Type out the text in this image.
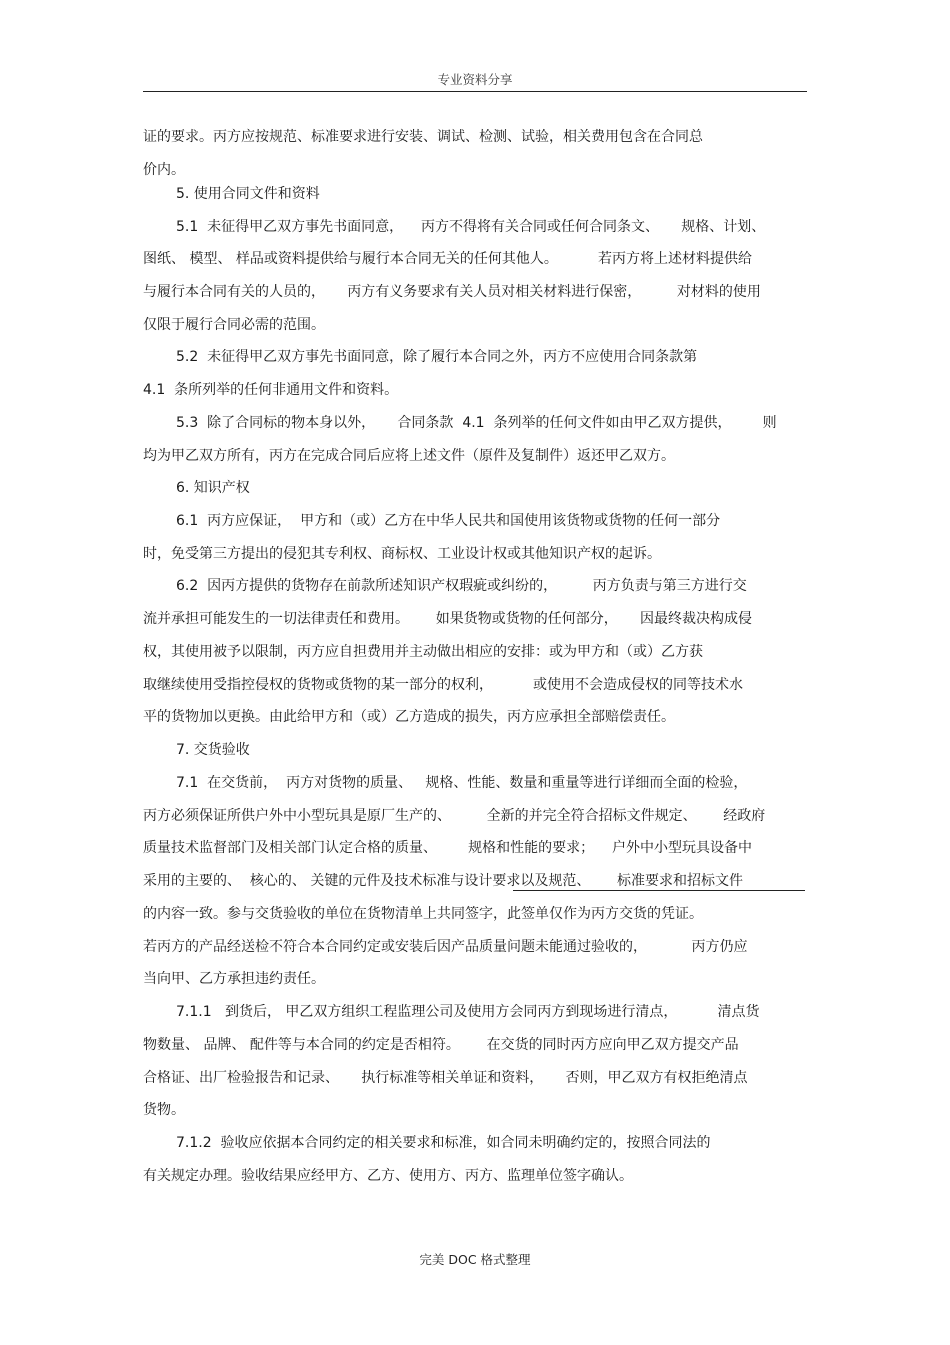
专业资料分享
证的要求。丙方应按规范、标准要求进行安装、调试、检测、试验，相关费用包含在合同总
价内。
5. 使用合同文件和资料
5.1  未征得甲乙双方事先书面同意，    丙方不得将有关合同或任何合同条文、     规格、计划、
图纸、 模型、 样品或资料提供给与履行本合同无关的任何其他人。         若丙方将上述材料提供给
与履行本合同有关的人员的，     丙方有义务要求有关人员对相关材料进行保密，        对材料的使用
仅限于履行合同必需的范围。
5.2  未征得甲乙双方事先书面同意，除了履行本合同之外，丙方不应使用合同条款第
4.1  条所列举的任何非通用文件和资料。
5.3  除了合同标的物本身以外，     合同条款  4.1  条列举的任何文件如由甲乙双方提供，       则
均为甲乙双方所有，丙方在完成合同后应将上述文件（原件及复制件）返还甲乙双方。
6. 知识产权
6.1  丙方应保证，  甲方和（或）乙方在中华人民共和国使用该货物或货物的任何一部分
时，免受第三方提出的侵犯其专利权、商标权、工业设计权或其他知识产权的起诉。
6.2  因丙方提供的货物存在前款所述知识产权瑕疵或纠纷的，        丙方负责与第三方进行交
流并承担可能发生的一切法律责任和费用。      如果货物或货物的任何部分，     因最终裁决构成侵
权，其使用被予以限制，丙方应自担费用并主动做出相应的安排：或为甲方和（或）乙方获
取继续使用受指控侵权的货物或货物的某一部分的权利，         或使用不会造成侵权的同等技术水
平的货物加以更换。由此给甲方和（或）乙方造成的损失，丙方应承担全部赔偿责任。
7. 交货验收
7.1  在交货前，  丙方对货物的质量、   规格、性能、数量和重量等进行详细而全面的检验，
丙方必须保证所供户外中小型玩具是原厂生产的、        全新的并完全符合招标文件规定、      经政府
质量技术监督部门及相关部门认定合格的质量、       规格和性能的要求；    户外中小型玩具设备中
采用的主要的、  核心的、 关键的元件及技术标准与设计要求以及规范、      标准要求和招标文件
的内容一致。参与交货验收的单位在货物清单上共同签字，此签单仅作为丙方交货的凭证。
若丙方的产品经送检不符合本合同约定或安装后因产品质量问题未能通过验收的，          丙方仍应
当向甲、乙方承担违约责任。
7.1.1   到货后， 甲乙双方组织工程监理公司及使用方会同丙方到现场进行清点，         清点货
物数量、 品牌、 配件等与本合同的约定是否相符。      在交货的同时丙方应向甲乙双方提交产品
合格证、出厂检验报告和记录、     执行标准等相关单证和资料，     否则，甲乙双方有权拒绝清点
货物。
7.1.2  验收应依据本合同约定的相关要求和标准，如合同未明确约定的，按照合同法的
有关规定办理。验收结果应经甲方、乙方、使用方、丙方、监理单位签字确认。
完美 DOC 格式整理
